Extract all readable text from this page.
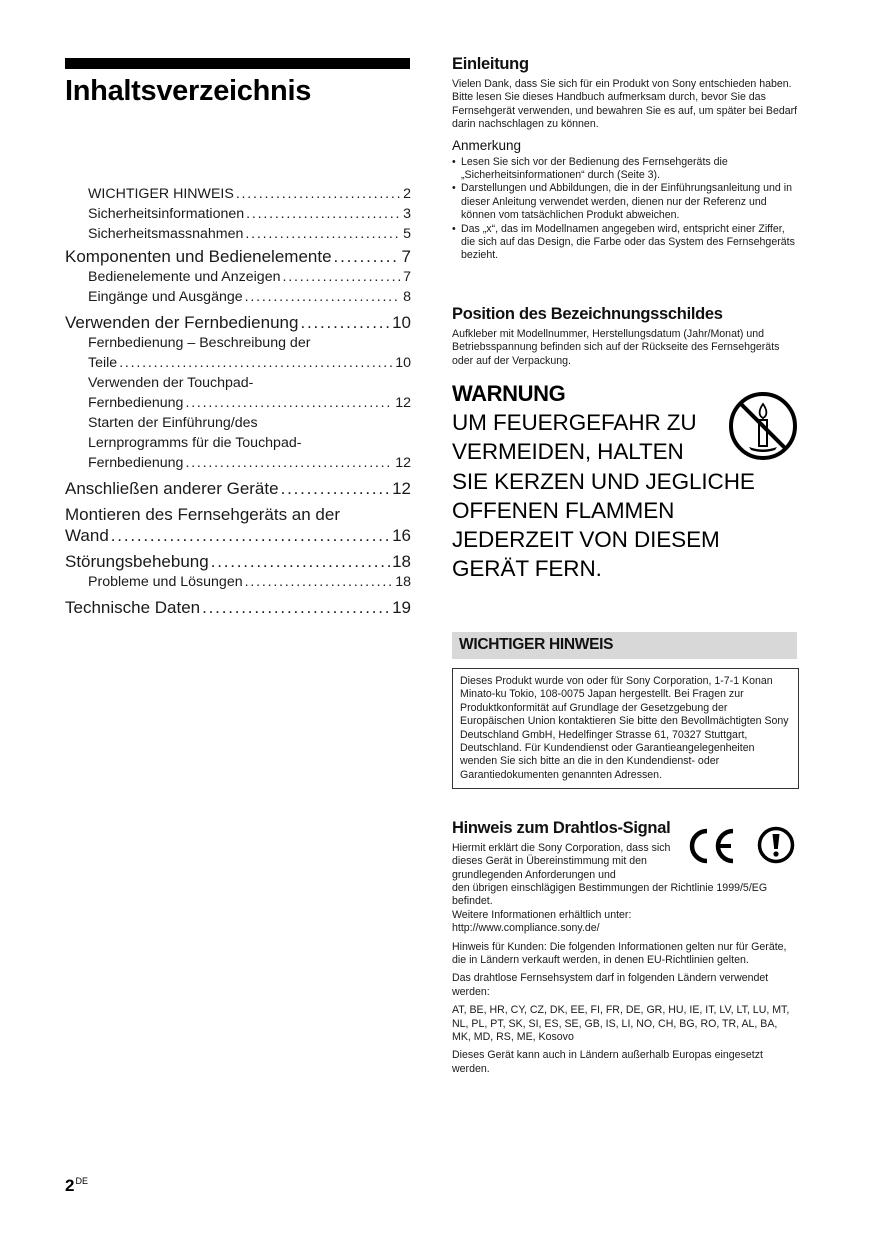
Inhaltsverzeichnis
WICHTIGER HINWEIS .....	2
Sicherheitsinformationen .....	3
Sicherheitsmassnahmen .....	5
Komponenten und Bedienelemente .....	7
Bedienelemente und Anzeigen .....	7
Eingänge und Ausgänge .....	8
Verwenden der Fernbedienung .....	10
Fernbedienung – Beschreibung der
Teile .....	10
Verwenden der Touchpad-
Fernbedienung .....	12
Starten der Einführung/des
Lernprogramms für die Touchpad-
Fernbedienung .....	12
Anschließen anderer Geräte .....	12
Montieren des Fernsehgeräts an der
Wand .....	16
Störungsbehebung .....	18
Probleme und Lösungen .....	18
Technische Daten .....	19
Einleitung

Vielen Dank, dass Sie sich für ein Produkt von Sony entschieden haben.

Bitte lesen Sie dieses Handbuch aufmerksam durch, bevor Sie das Fernsehgerät verwenden, und bewahren Sie es auf, um später bei Bedarf darin nachschlagen zu können.

Anmerkung
• Lesen Sie sich vor der Bedienung des Fernsehgeräts die „Sicherheitsinformationen“ durch (Seite 3).
• Darstellungen und Abbildungen, die in der Einführungsanleitung und in dieser Anleitung verwendet werden, dienen nur der Referenz und können vom tatsächlichen Produkt abweichen.
• Das „x“, das im Modellnamen angegeben wird, entspricht einer Ziffer, die sich auf das Design, die Farbe oder das System des Fernsehgeräts bezieht.
Position des Bezeichnungsschildes

Aufkleber mit Modellnummer, Herstellungsdatum (Jahr/Monat) und Betriebsspannung befinden sich auf der Rückseite des Fernsehgeräts oder auf der Verpackung.

WARNUNG
UM FEUERGEFAHR ZU
VERMEIDEN, HALTEN
SIE KERZEN UND JEGLICHE
OFFENEN FLAMMEN
JEDERZEIT VON DIESEM
GERÄT FERN.
WICHTIGER HINWEIS

Dieses Produkt wurde von oder für Sony Corporation, 1-7-1 Konan Minato-ku Tokio, 108-0075 Japan hergestellt. Bei Fragen zur Produktkonformität auf Grundlage der Gesetzgebung der Europäischen Union kontaktieren Sie bitte den Bevollmächtigten Sony Deutschland GmbH, Hedelfinger Strasse 61, 70327 Stuttgart, Deutschland. Für Kundendienst oder Garantieangelegenheiten wenden Sie sich bitte an die in den Kundendienst- oder Garantiedokumenten genannten Adressen.

Hinweis zum Drahtlos-Signal

Hiermit erklärt die Sony Corporation, dass sich dieses Gerät in Übereinstimmung mit den grundlegenden Anforderungen und

den übrigen einschlägigen Bestimmungen der Richtlinie 1999/5/EG befindet.

Weitere Informationen erhältlich unter:

http://www.compliance.sony.de/

Hinweis für Kunden: Die folgenden Informationen gelten nur für Geräte, die in Ländern verkauft werden, in denen EU-Richtlinien gelten.

Das drahtlose Fernsehsystem darf in folgenden Ländern verwendet werden:

AT, BE, HR, CY, CZ, DK, EE, FI, FR, DE, GR, HU, IE, IT, LV, LT, LU, MT, NL, PL, PT, SK, SI, ES, SE, GB, IS, LI, NO, CH, BG, RO, TR, AL, BA, MK, MD, RS, ME, Kosovo

Dieses Gerät kann auch in Ländern außerhalb Europas eingesetzt werden.

2DE
